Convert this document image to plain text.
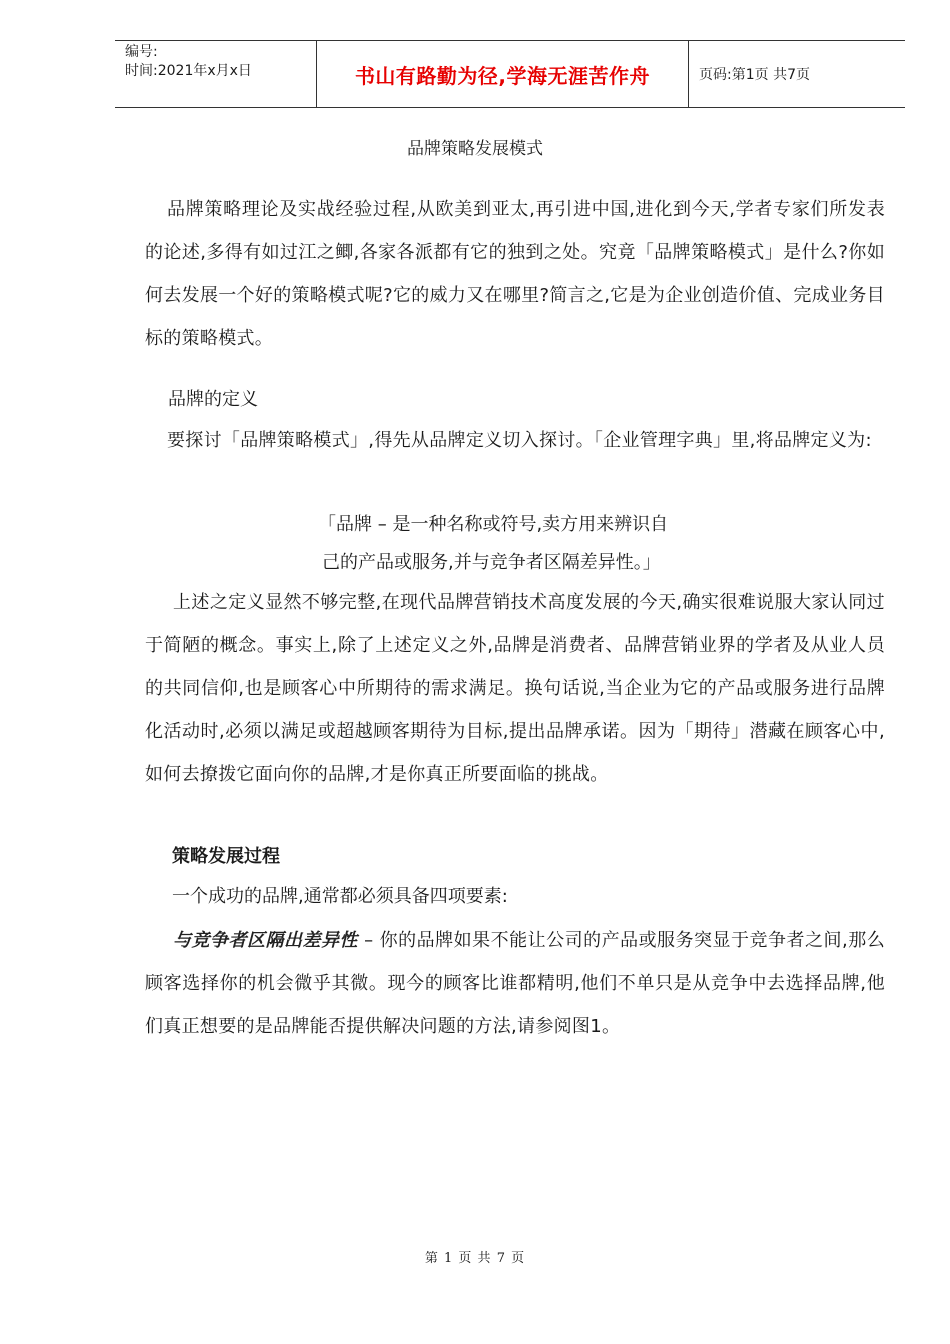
编号:
时间:2021年x月x日	书山有路勤为径,学海无涯苦作舟	页码:第1页 共7页
品牌策略发展模式

品牌策略理论及实战经验过程,从欧美到亚太,再引进中国,进化到今天,学者专家们所发表的论述,多得有如过江之鲫,各家各派都有它的独到之处。究竟「品牌策略模式」是什么?你如何去发展一个好的策略模式呢?它的威力又在哪里?简言之,它是为企业创造价值、完成业务目标的策略模式。

品牌的定义

要探讨「品牌策略模式」,得先从品牌定义切入探讨。「企业管理字典」里,将品牌定义为:

「品牌 – 是一种名称或符号,卖方用来辨识自
己的产品或服务,并与竞争者区隔差异性。」

上述之定义显然不够完整,在现代品牌营销技术高度发展的今天,确实很难说服大家认同过于简陋的概念。事实上,除了上述定义之外,品牌是消费者、品牌营销业界的学者及从业人员的共同信仰,也是顾客心中所期待的需求满足。换句话说,当企业为它的产品或服务进行品牌化活动时,必须以满足或超越顾客期待为目标,提出品牌承诺。因为「期待」潜藏在顾客心中,如何去撩拨它面向你的品牌,才是你真正所要面临的挑战。

策略发展过程
一个成功的品牌,通常都必须具备四项要素:

与竞争者区隔出差异性 – 你的品牌如果不能让公司的产品或服务突显于竞争者之间,那么顾客选择你的机会微乎其微。现今的顾客比谁都精明,他们不单只是从竞争中去选择品牌,他们真正想要的是品牌能否提供解决问题的方法,请参阅图1。

第 1 页 共 7 页
